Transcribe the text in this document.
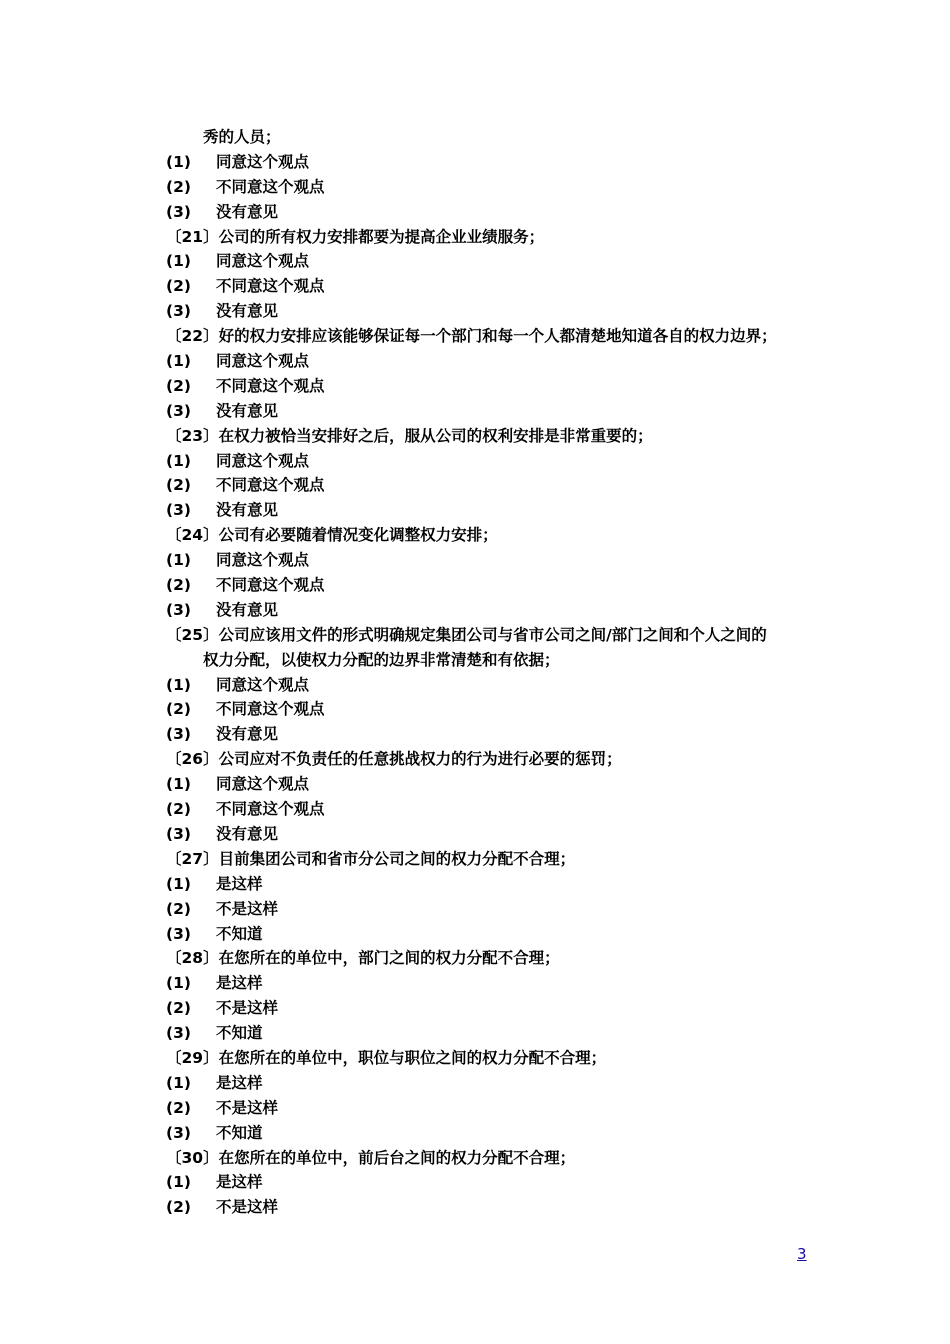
秀的人员；
(1) 同意这个观点
(2) 不同意这个观点
(3) 没有意见
〔21〕公司的所有权力安排都要为提高企业业绩服务；
(1) 同意这个观点
(2) 不同意这个观点
(3) 没有意见
〔22〕好的权力安排应该能够保证每一个部门和每一个人都清楚地知道各自的权力边界；
(1) 同意这个观点
(2) 不同意这个观点
(3) 没有意见
〔23〕在权力被恰当安排好之后，服从公司的权利安排是非常重要的；
(1) 同意这个观点
(2) 不同意这个观点
(3) 没有意见
〔24〕公司有必要随着情况变化调整权力安排；
(1) 同意这个观点
(2) 不同意这个观点
(3) 没有意见
〔25〕公司应该用文件的形式明确规定集团公司与省市公司之间/部门之间和个人之间的
权力分配，以使权力分配的边界非常清楚和有依据；
(1) 同意这个观点
(2) 不同意这个观点
(3) 没有意见
〔26〕公司应对不负责任的任意挑战权力的行为进行必要的惩罚；
(1) 同意这个观点
(2) 不同意这个观点
(3) 没有意见
〔27〕目前集团公司和省市分公司之间的权力分配不合理；
(1) 是这样
(2) 不是这样
(3) 不知道
〔28〕在您所在的单位中，部门之间的权力分配不合理；
(1) 是这样
(2) 不是这样
(3) 不知道
〔29〕在您所在的单位中，职位与职位之间的权力分配不合理；
(1) 是这样
(2) 不是这样
(3) 不知道
〔30〕在您所在的单位中，前后台之间的权力分配不合理；
(1) 是这样
(2) 不是这样
3
